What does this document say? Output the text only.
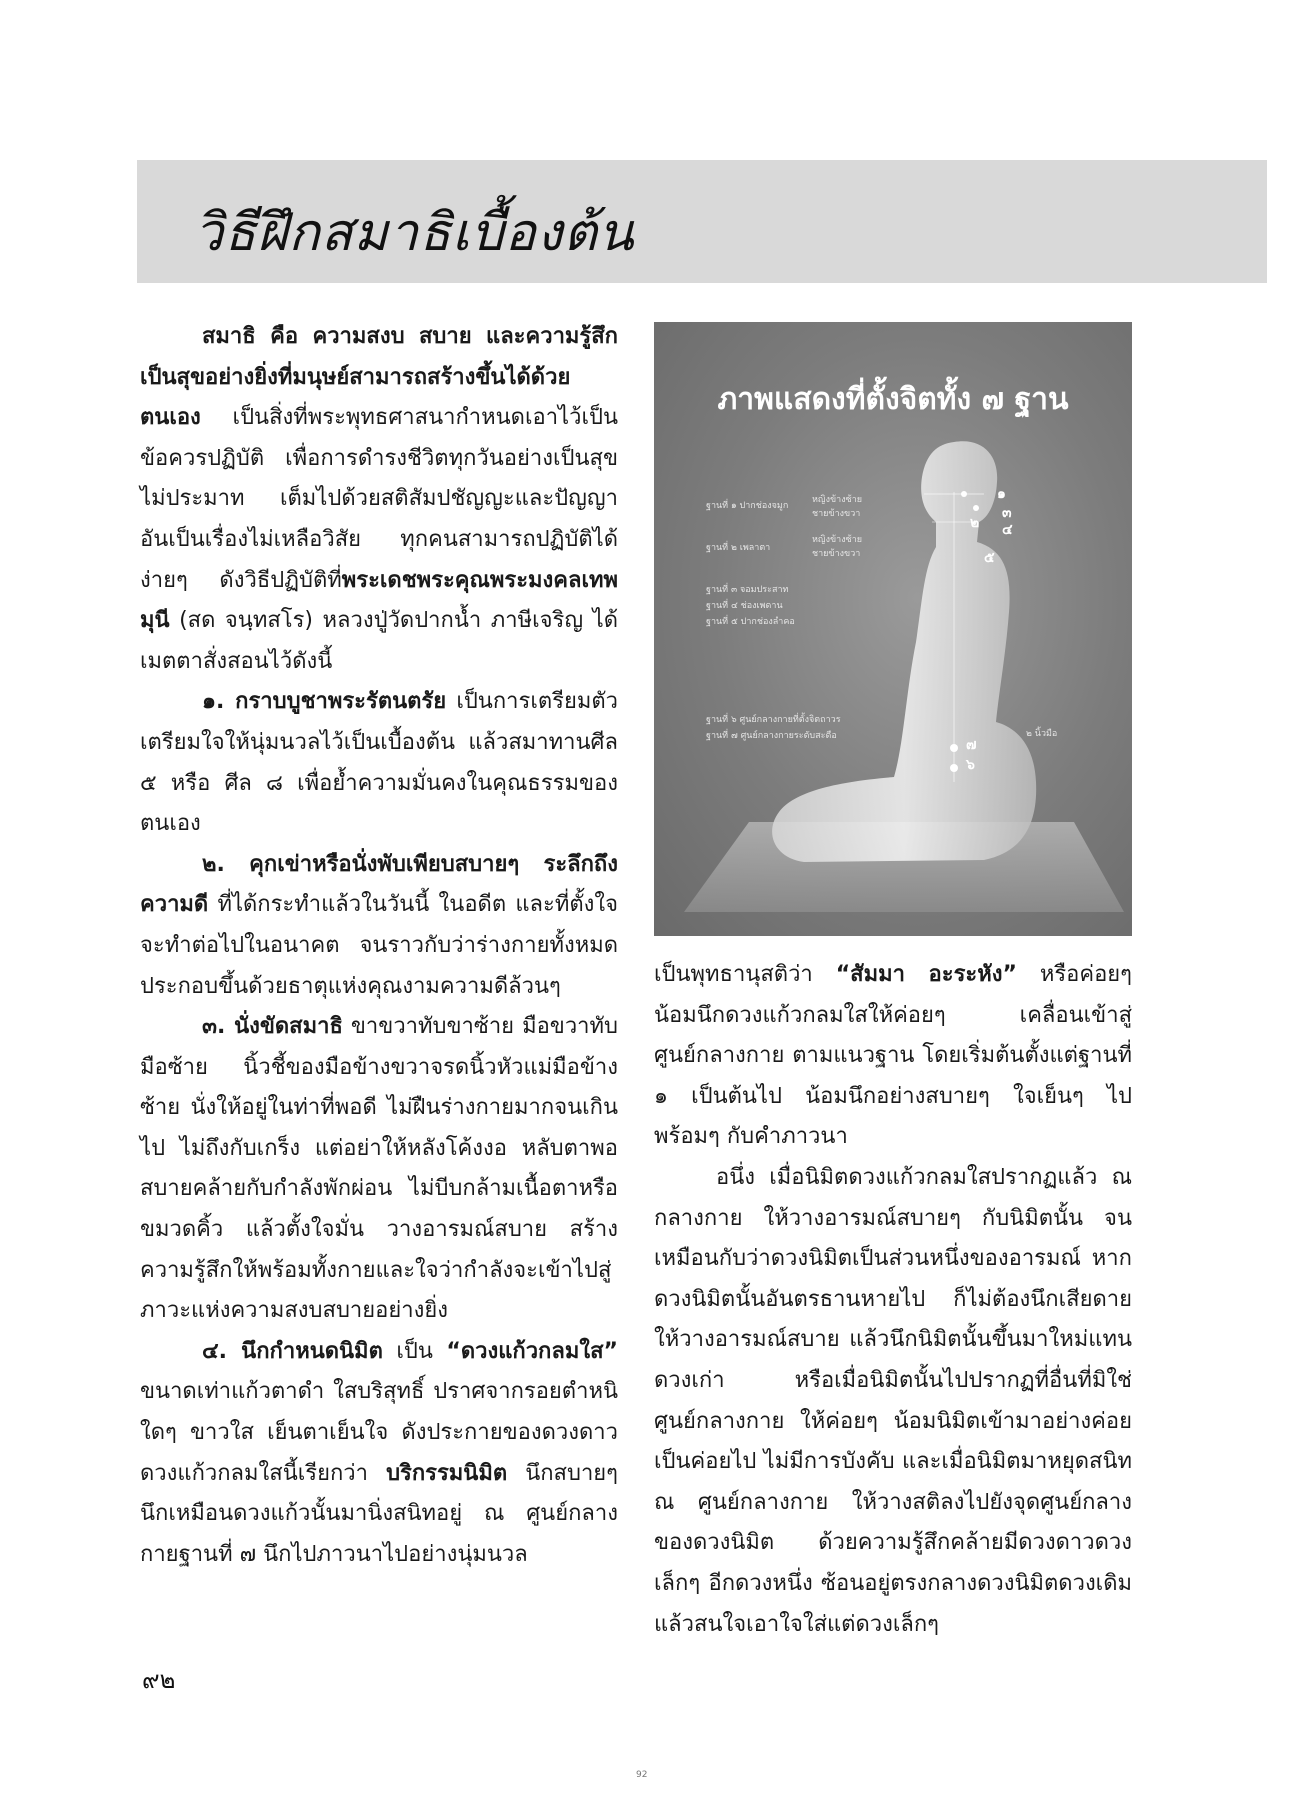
วิธีฝึกสมาธิเบื้องต้น

สมาธิ คือ ความสงบ สบาย และความรู้สึกเป็นสุขอย่างยิ่งที่มนุษย์สามารถสร้างขึ้นได้ด้วยตนเอง เป็นสิ่งที่พระพุทธศาสนากำหนดเอาไว้เป็นข้อควรปฏิบัติ เพื่อการดำรงชีวิตทุกวันอย่างเป็นสุข ไม่ประมาท เต็มไปด้วยสติสัมปชัญญะและปัญญา อันเป็นเรื่องไม่เหลือวิสัย ทุกคนสามารถปฏิบัติได้ง่ายๆ ดังวิธีปฏิบัติที่พระเดชพระคุณพระมงคลเทพมุนี (สด จนฺทสโร) หลวงปู่วัดปากน้ำ ภาษีเจริญ ได้เมตตาสั่งสอนไว้ดังนี้

๑. กราบบูชาพระรัตนตรัย เป็นการเตรียมตัวเตรียมใจให้นุ่มนวลไว้เป็นเบื้องต้น แล้วสมาทานศีล ๕ หรือ ศีล ๘ เพื่อย้ำความมั่นคงในคุณธรรมของตนเอง

๒. คุกเข่าหรือนั่งพับเพียบสบายๆ ระลึกถึงความดี ที่ได้กระทำแล้วในวันนี้ ในอดีต และที่ตั้งใจจะทำต่อไปในอนาคต จนราวกับว่าร่างกายทั้งหมดประกอบขึ้นด้วยธาตุแห่งคุณงามความดีล้วนๆ

๓. นั่งขัดสมาธิ ขาขวาทับขาซ้าย มือขวาทับมือซ้าย นิ้วชี้ของมือข้างขวาจรดนิ้วหัวแม่มือข้างซ้าย นั่งให้อยู่ในท่าที่พอดี ไม่ฝืนร่างกายมากจนเกินไป ไม่ถึงกับเกร็ง แต่อย่าให้หลังโค้งงอ หลับตาพอสบายคล้ายกับกำลังพักผ่อน ไม่บีบกล้ามเนื้อตาหรือขมวดคิ้ว แล้วตั้งใจมั่น วางอารมณ์สบาย สร้างความรู้สึกให้พร้อมทั้งกายและใจว่ากำลังจะเข้าไปสู่ภาวะแห่งความสงบสบายอย่างยิ่ง

๔. นึกกำหนดนิมิต เป็น “ดวงแก้วกลมใส” ขนาดเท่าแก้วตาดำ ใสบริสุทธิ์ ปราศจากรอยตำหนิใดๆ ขาวใส เย็นตาเย็นใจ ดังประกายของดวงดาว ดวงแก้วกลมใสนี้เรียกว่า บริกรรมนิมิต นึกสบายๆ นึกเหมือนดวงแก้วนั้นมานิ่งสนิทอยู่ ณ ศูนย์กลางกายฐานที่ ๗ นึกไปภาวนาไปอย่างนุ่มนวล

ภาพแสดงที่ตั้งจิตทั้ง ๗ ฐาน
ฐานที่ ๑ ปากช่องจมูก
หญิงข้างซ้าย
ชายข้างขวา
ฐานที่ ๒ เพลาตา
หญิงข้างซ้าย
ชายข้างขวา
ฐานที่ ๓ จอมประสาท
ฐานที่ ๔ ช่องเพดาน
ฐานที่ ๕ ปากช่องลำคอ
ฐานที่ ๖ ศูนย์กลางกายที่ตั้งจิตถาวร
ฐานที่ ๗ ศูนย์กลางกายระดับสะดือ	๒ นิ้วมือ
๒
๑
๓
๔
๕
๗
๖

เป็นพุทธานุสติว่า “สัมมา อะระหัง” หรือค่อยๆ น้อมนึกดวงแก้วกลมใสให้ค่อยๆ เคลื่อนเข้าสู่ศูนย์กลางกาย ตามแนวฐาน โดยเริ่มต้นตั้งแต่ฐานที่ ๑ เป็นต้นไป น้อมนึกอย่างสบายๆ ใจเย็นๆ ไปพร้อมๆ กับคำภาวนา

อนึ่ง เมื่อนิมิตดวงแก้วกลมใสปรากฏแล้ว ณ กลางกาย ให้วางอารมณ์สบายๆ กับนิมิตนั้น จนเหมือนกับว่าดวงนิมิตเป็นส่วนหนึ่งของอารมณ์ หากดวงนิมิตนั้นอันตรธานหายไป ก็ไม่ต้องนึกเสียดาย ให้วางอารมณ์สบาย แล้วนึกนิมิตนั้นขึ้นมาใหม่แทนดวงเก่า หรือเมื่อนิมิตนั้นไปปรากฏที่อื่นที่มิใช่ศูนย์กลางกาย ให้ค่อยๆ น้อมนิมิตเข้ามาอย่างค่อยเป็นค่อยไป ไม่มีการบังคับ และเมื่อนิมิตมาหยุดสนิท ณ ศูนย์กลางกาย ให้วางสติลงไปยังจุดศูนย์กลางของดวงนิมิต ด้วยความรู้สึกคล้ายมีดวงดาวดวงเล็กๆ อีกดวงหนึ่ง ซ้อนอยู่ตรงกลางดวงนิมิตดวงเดิม แล้วสนใจเอาใจใส่แต่ดวงเล็กๆ

๙๒
92
